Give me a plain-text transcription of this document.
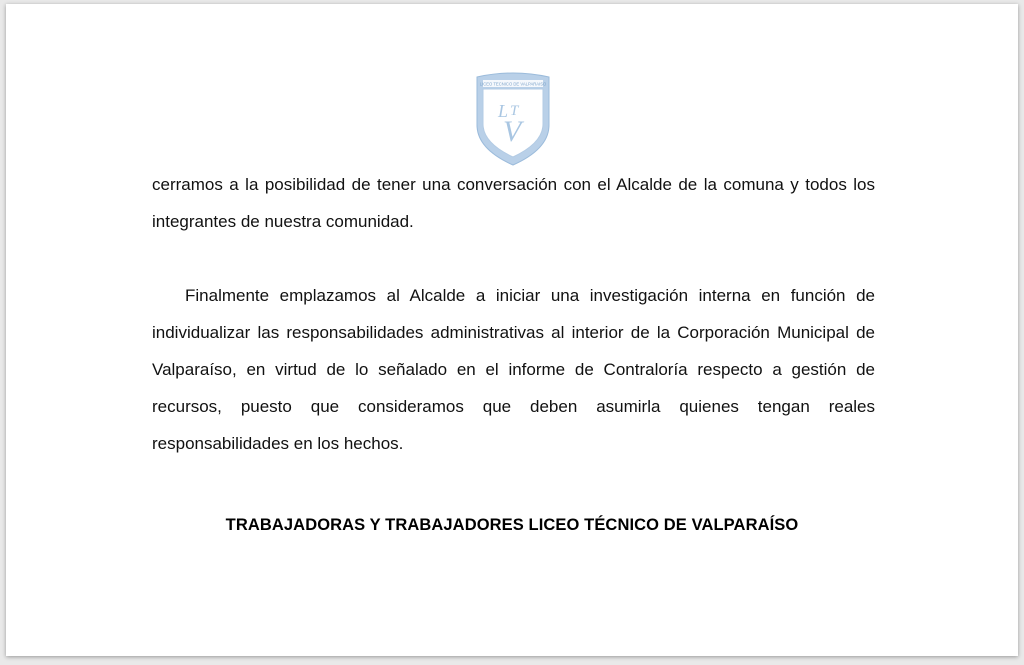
LICEO TECNICO DE VALPARAISO
L T
V

cerramos a la posibilidad de tener una conversación con el Alcalde de la comuna y todos los integrantes de nuestra comunidad.

Finalmente emplazamos al Alcalde a iniciar una investigación interna en función de individualizar las responsabilidades administrativas al interior de la Corporación Municipal de Valparaíso, en virtud de lo señalado en el informe de Contraloría respecto a gestión de recursos, puesto que consideramos que deben asumirla quienes tengan reales responsabilidades en los hechos.

TRABAJADORAS Y TRABAJADORES LICEO TÉCNICO DE VALPARAÍSO
